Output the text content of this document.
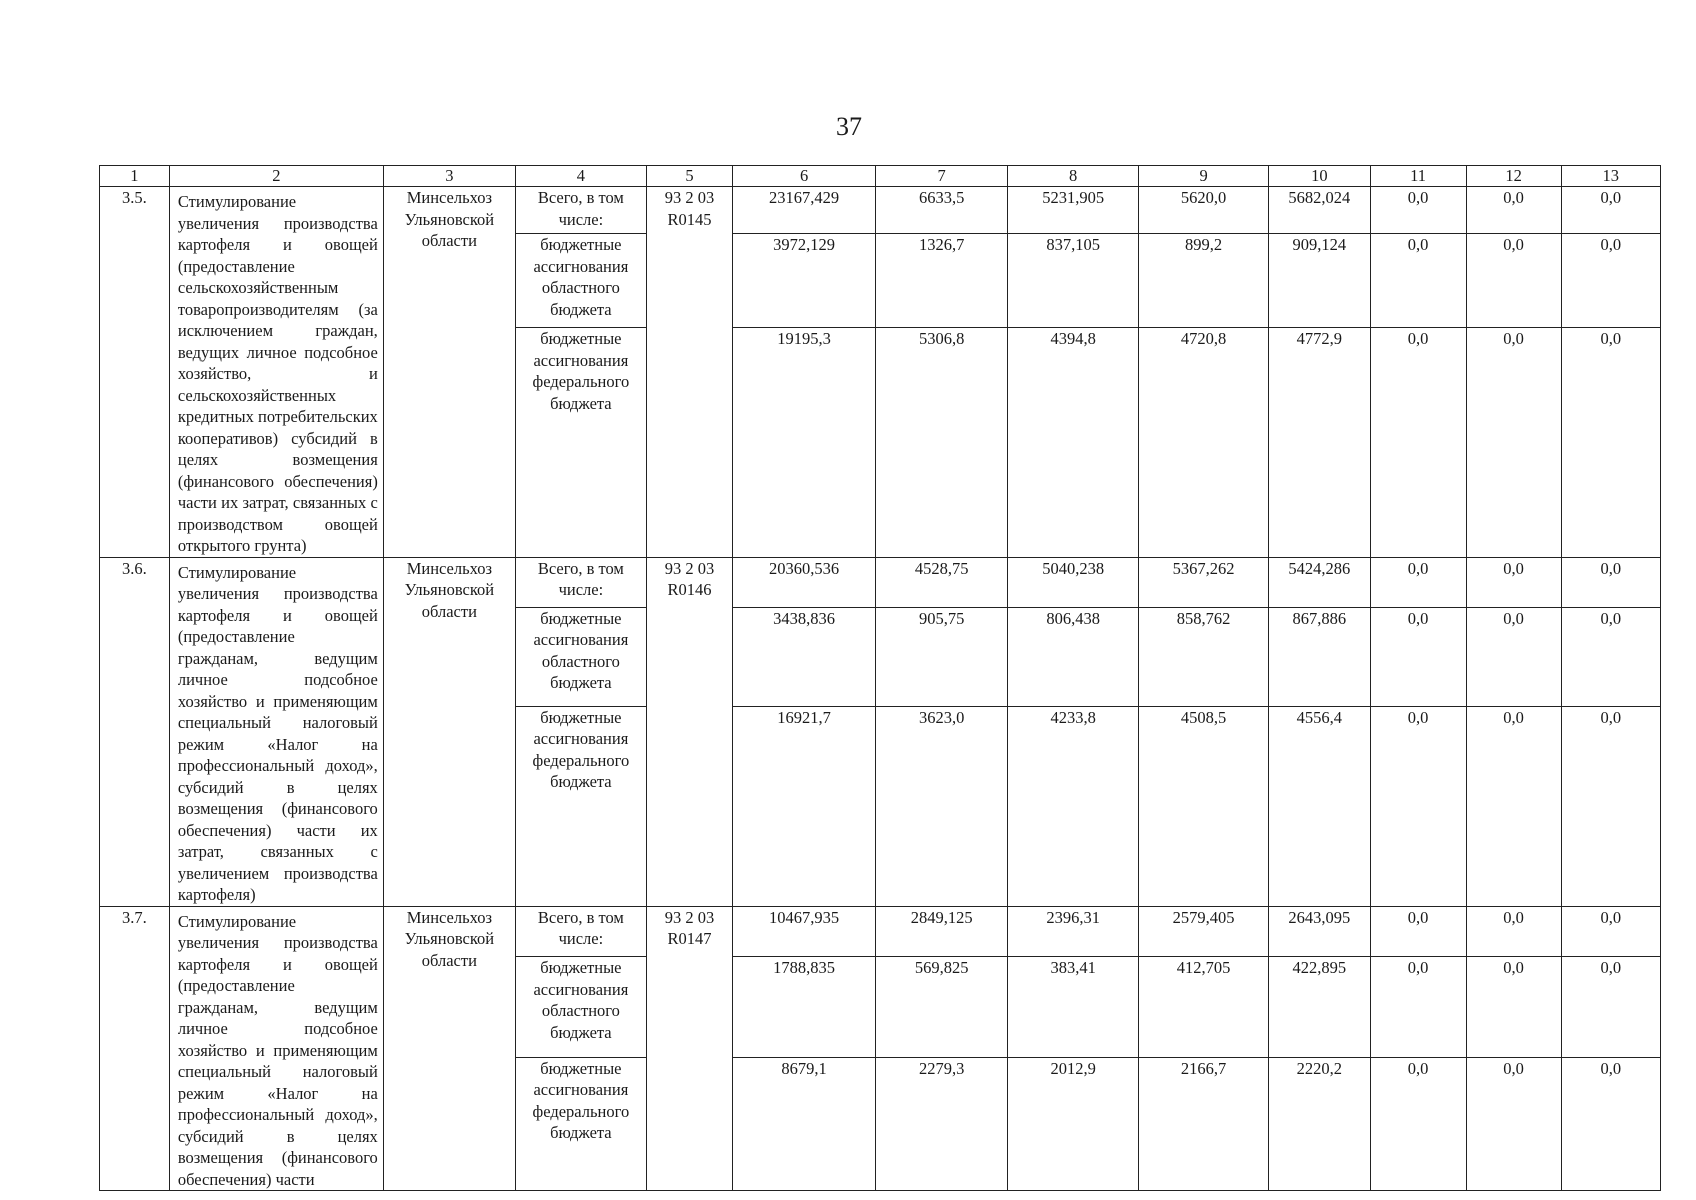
37
1	2	3	4	5	6	7	8	9	10	11	12	13
3.5.	Стимулирование увеличения производства картофеля и овощей (предоставление сельскохозяйственным товаропроизводителям (за исключением граждан, ведущих личное подсобное хозяйство, и сельскохозяйственных кредитных потребительских кооперативов) субсидий в целях возмещения (финансового обеспечения) части их затрат, связанных с производством овощей открытого грунта)	Минсельхоз Ульяновской области	Всего, в том числе:	93 2 03 R0145	23167,429	6633,5	5231,905	5620,0	5682,024	0,0	0,0	0,0
			бюджетные ассигнования областного бюджета		3972,129	1326,7	837,105	899,2	909,124	0,0	0,0	0,0
			бюджетные ассигнования федерального бюджета		19195,3	5306,8	4394,8	4720,8	4772,9	0,0	0,0	0,0
3.6.	Стимулирование увеличения производства картофеля и овощей (предоставление гражданам, ведущим личное подсобное хозяйство и применяющим специальный налоговый режим «Налог на профессиональный доход», субсидий в целях возмещения (финансового обеспечения) части их затрат, связанных с увеличением производства картофеля)	Минсельхоз Ульяновской области	Всего, в том числе:	93 2 03 R0146	20360,536	4528,75	5040,238	5367,262	5424,286	0,0	0,0	0,0
			бюджетные ассигнования областного бюджета		3438,836	905,75	806,438	858,762	867,886	0,0	0,0	0,0
			бюджетные ассигнования федерального бюджета		16921,7	3623,0	4233,8	4508,5	4556,4	0,0	0,0	0,0
3.7.	Стимулирование увеличения производства картофеля и овощей (предоставление гражданам, ведущим личное подсобное хозяйство и применяющим специальный налоговый режим «Налог на профессиональный доход», субсидий в целях возмещения (финансового обеспечения) части	Минсельхоз Ульяновской области	Всего, в том числе:	93 2 03 R0147	10467,935	2849,125	2396,31	2579,405	2643,095	0,0	0,0	0,0
			бюджетные ассигнования областного бюджета		1788,835	569,825	383,41	412,705	422,895	0,0	0,0	0,0
			бюджетные ассигнования федерального бюджета		8679,1	2279,3	2012,9	2166,7	2220,2	0,0	0,0	0,0
